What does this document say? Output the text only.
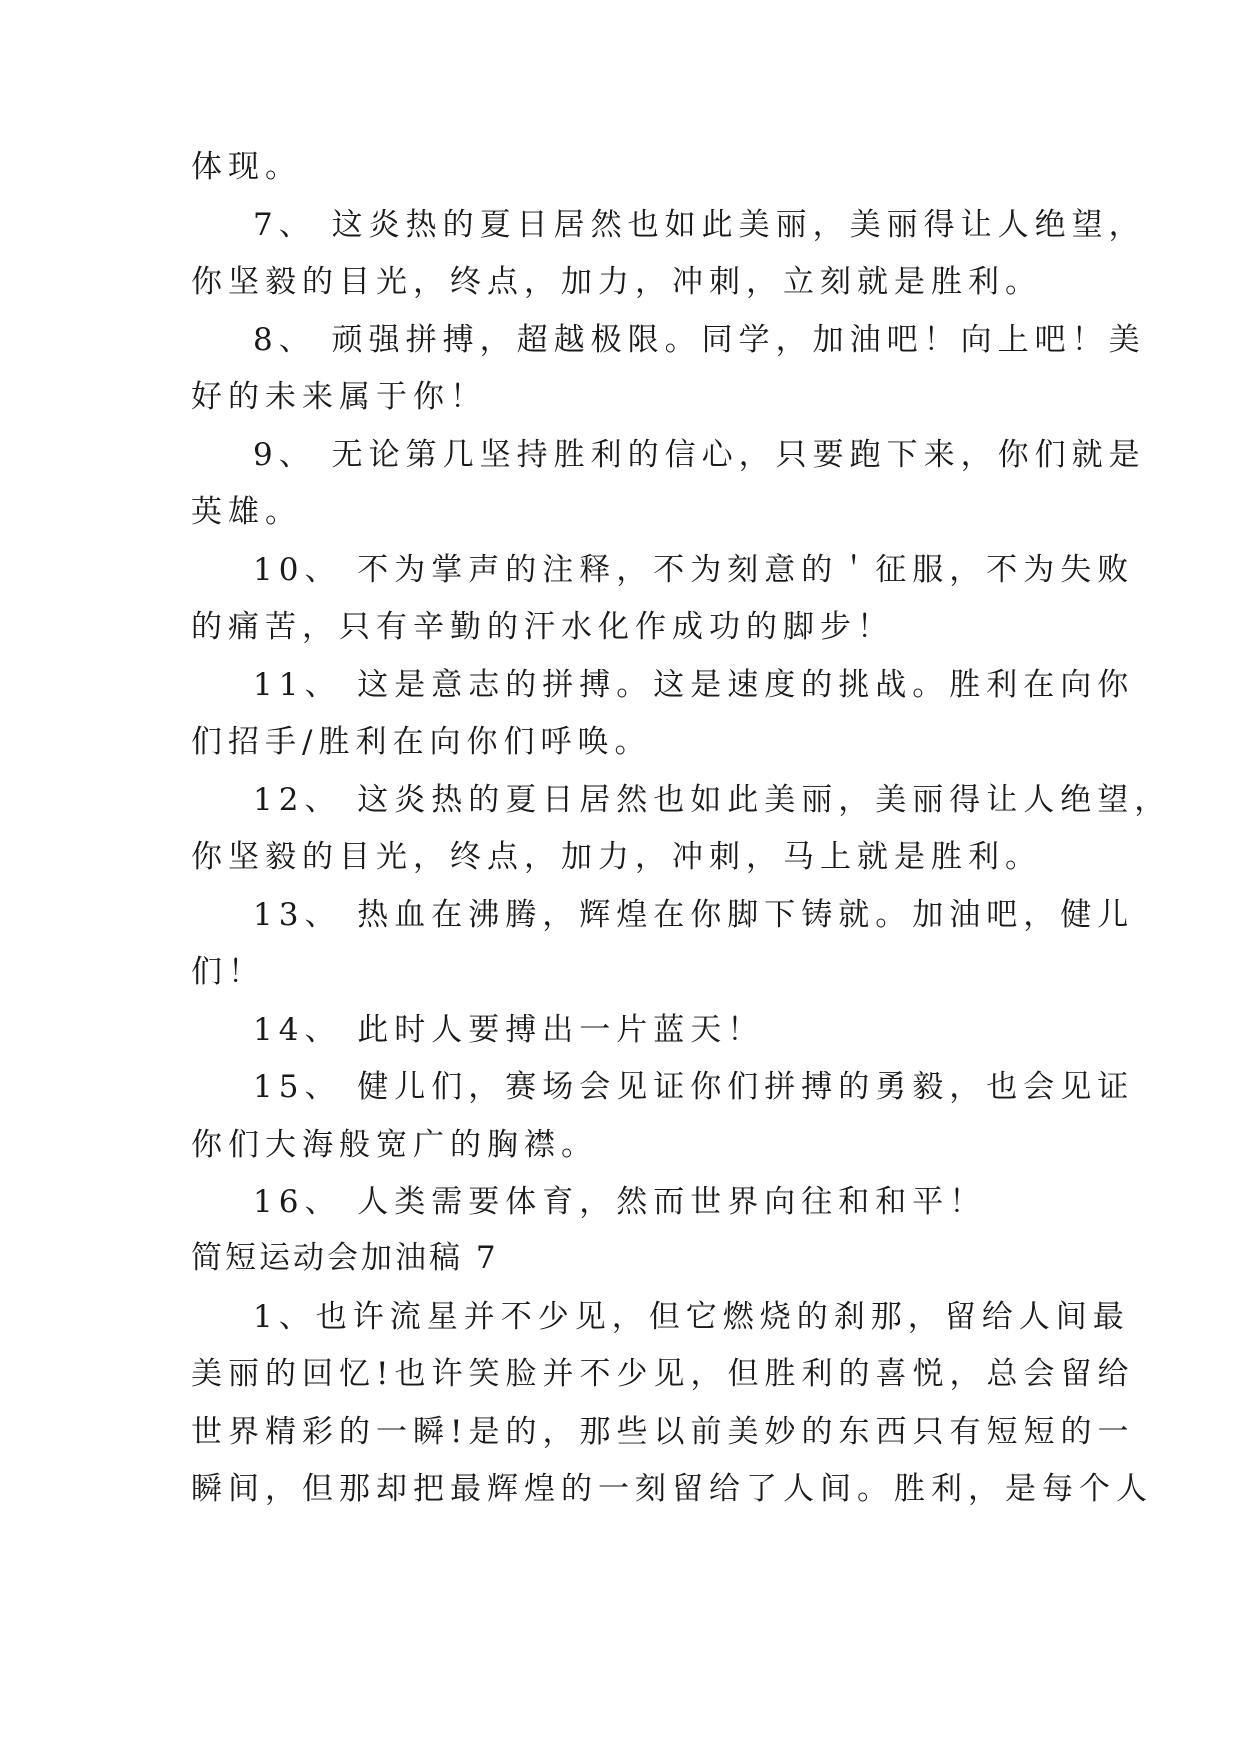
体现。
7、 这炎热的夏日居然也如此美丽，美丽得让人绝望，
你坚毅的目光，终点，加力，冲刺，立刻就是胜利。
8、 顽强拼搏，超越极限。同学，加油吧！向上吧！美
好的未来属于你！
9、 无论第几坚持胜利的信心，只要跑下来，你们就是
英雄。
10、 不为掌声的注释，不为刻意的＇征服，不为失败
的痛苦，只有辛勤的汗水化作成功的脚步！
11、 这是意志的拼搏。这是速度的挑战。胜利在向你
们招手/胜利在向你们呼唤。
12、 这炎热的夏日居然也如此美丽，美丽得让人绝望，
你坚毅的目光，终点，加力，冲刺，马上就是胜利。
13、 热血在沸腾，辉煌在你脚下铸就。加油吧，健儿
们！
14、 此时人要搏出一片蓝天！
15、 健儿们，赛场会见证你们拼搏的勇毅，也会见证
你们大海般宽广的胸襟。
16、 人类需要体育，然而世界向往和和平！
简短运动会加油稿 7
1、也许流星并不少见，但它燃烧的刹那，留给人间最
美丽的回忆!也许笑脸并不少见，但胜利的喜悦，总会留给
世界精彩的一瞬!是的，那些以前美妙的东西只有短短的一
瞬间，但那却把最辉煌的一刻留给了人间。胜利，是每个人
